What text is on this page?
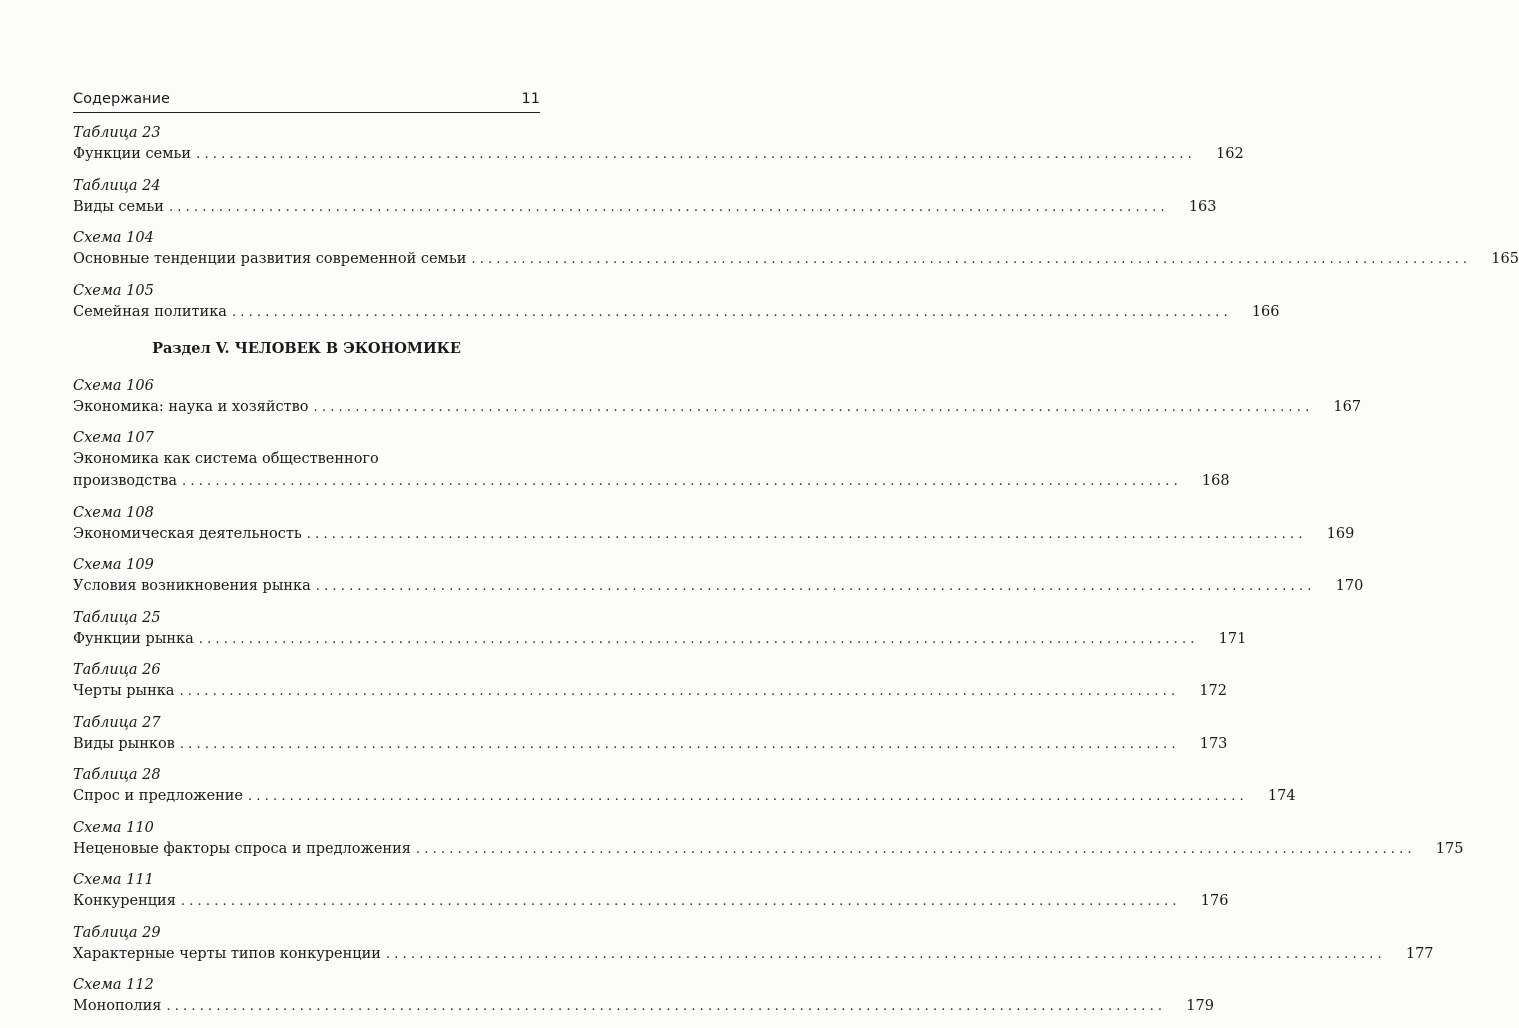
Содержание	11
Таблица 23
Функции семьи ........................................................................................................................ 162
Таблица 24
Виды семьи ........................................................................................................................ 163
Схема 104
Основные тенденции развития современной семьи ........................................................................................................................ 165
Схема 105
Семейная политика ........................................................................................................................ 166
Раздел V. ЧЕЛОВЕК В ЭКОНОМИКЕ
Схема 106
Экономика: наука и хозяйство ........................................................................................................................ 167
Схема 107
Экономика как система общественного
производства ........................................................................................................................ 168
Схема 108
Экономическая деятельность ........................................................................................................................ 169
Схема 109
Условия возникновения рынка ........................................................................................................................ 170
Таблица 25
Функции рынка ........................................................................................................................ 171
Таблица 26
Черты рынка ........................................................................................................................ 172
Таблица 27
Виды рынков ........................................................................................................................ 173
Таблица 28
Спрос и предложение ........................................................................................................................ 174
Схема 110
Неценовые факторы спроса и предложения ........................................................................................................................ 175
Схема 111
Конкуренция ........................................................................................................................ 176
Таблица 29
Характерные черты типов конкуренции ........................................................................................................................ 177
Схема 112
Монополия ........................................................................................................................ 179
